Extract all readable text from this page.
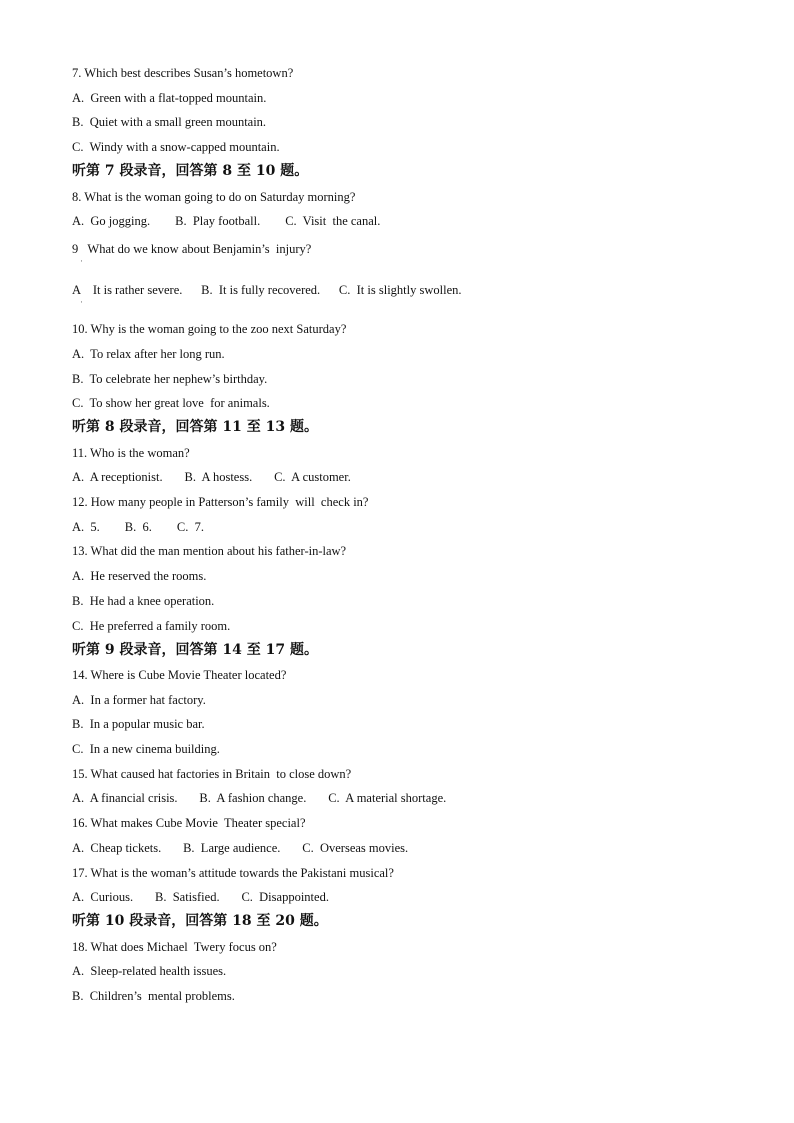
7. Which best describes Susan’s hometown?
A.  Green with a flat-topped mountain.
B.  Quiet with a small green mountain.
C.  Windy with a snow-capped mountain.
听第 7 段录音，回答第 8 至 10 题。
8. What is the woman going to do on Saturday morning?
A.  Go jogging.        B.  Play football.        C.  Visit  the canal.
9   What do we know about Benjamin’s  injury?
·
A    It is rather severe.      B.  It is fully recovered.      C.  It is slightly swollen.
·
10. Why is the woman going to the zoo next Saturday?
A.  To relax after her long run.
B.  To celebrate her nephew’s birthday.
C.  To show her great love  for animals.
听第 8 段录音，回答第 11 至 13 题。
11. Who is the woman?
A.  A receptionist.       B.  A hostess.       C.  A customer.
12. How many people in Patterson’s family  will  check in?
A.  5.        B.  6.        C.  7.
13. What did the man mention about his father-in-law?
A.  He reserved the rooms.
B.  He had a knee operation.
C.  He preferred a family room.
听第 9 段录音，回答第 14 至 17 题。
14. Where is Cube Movie Theater located?
A.  In a former hat factory.
B.  In a popular music bar.
C.  In a new cinema building.
15. What caused hat factories in Britain  to close down?
A.  A financial crisis.       B.  A fashion change.       C.  A material shortage.
16. What makes Cube Movie  Theater special?
A.  Cheap tickets.       B.  Large audience.       C.  Overseas movies.
17. What is the woman’s attitude towards the Pakistani musical?
A.  Curious.       B.  Satisfied.       C.  Disappointed.
听第 10 段录音，回答第 18 至 20 题。
18. What does Michael  Twery focus on?
A.  Sleep-related health issues.
B.  Children’s  mental problems.
